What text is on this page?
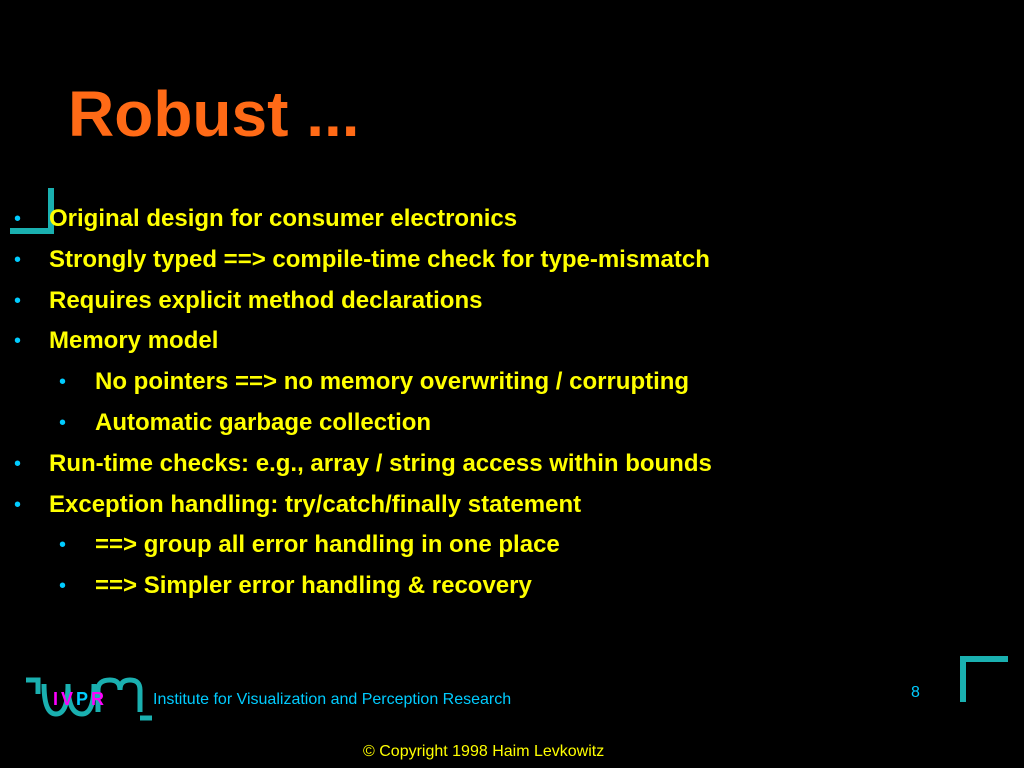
Robust ...
• Original design for consumer electronics
• Strongly typed ==> compile-time check for type-mismatch
• Requires explicit method declarations
• Memory model
• No pointers ==> no memory overwriting / corrupting
• Automatic garbage collection
• Run-time checks: e.g., array / string access within bounds
• Exception handling: try/catch/finally statement
• ==> group all error handling in one place
• ==> Simpler error handling & recovery
IVPR	Institute for Visualization and Perception Research	8
© Copyright 1998 Haim Levkowitz
